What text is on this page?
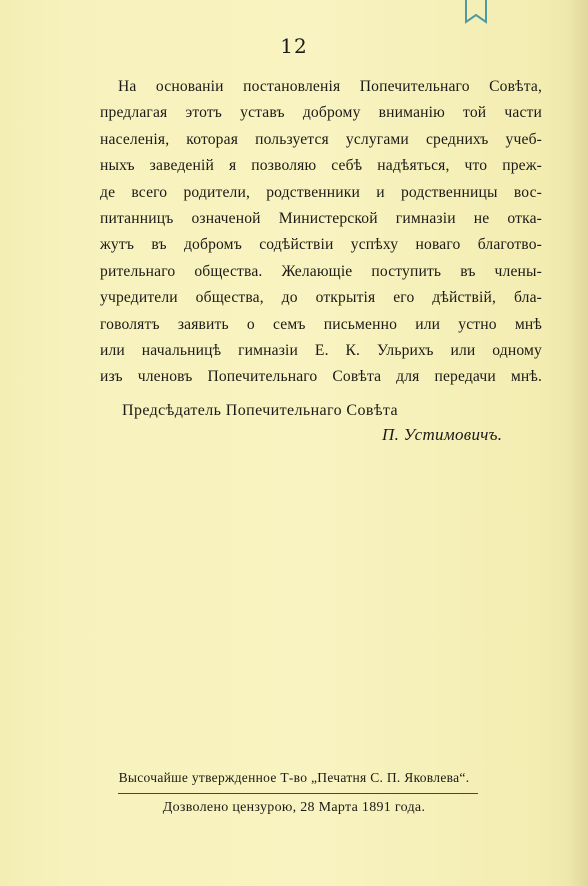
12
На основанiи постановленiя Попечительнаго Совѣта,
предлагая этотъ уставъ доброму вниманiю той части
населенiя, которая пользуется услугами среднихъ учеб-
ныхъ заведенiй я позволяю себѣ надѣяться, что преж-
де всего родители, родственники и родственницы вос-
питанницъ означеной Министерской гимназiи не отка-
жутъ въ добромъ содѣйствiи успѣху новаго благотво-
рительнаго общества. Желающiе поступить въ члены-
учредители общества, до открытiя его дѣйствiй, бла-
говолятъ заявить о семъ письменно или устно мнѣ
или начальницѣ гимназiи Е. К. Ульрихъ или одному
изъ членовъ Попечительнаго Совѣта для передачи мнѣ.
Предсѣдатель Попечительнаго Совѣта
П. Устимовичъ.
Высочайше утвержденное Т-во „Печатня С. П. Яковлева“.
Дозволено цензурою, 28 Марта 1891 года.
